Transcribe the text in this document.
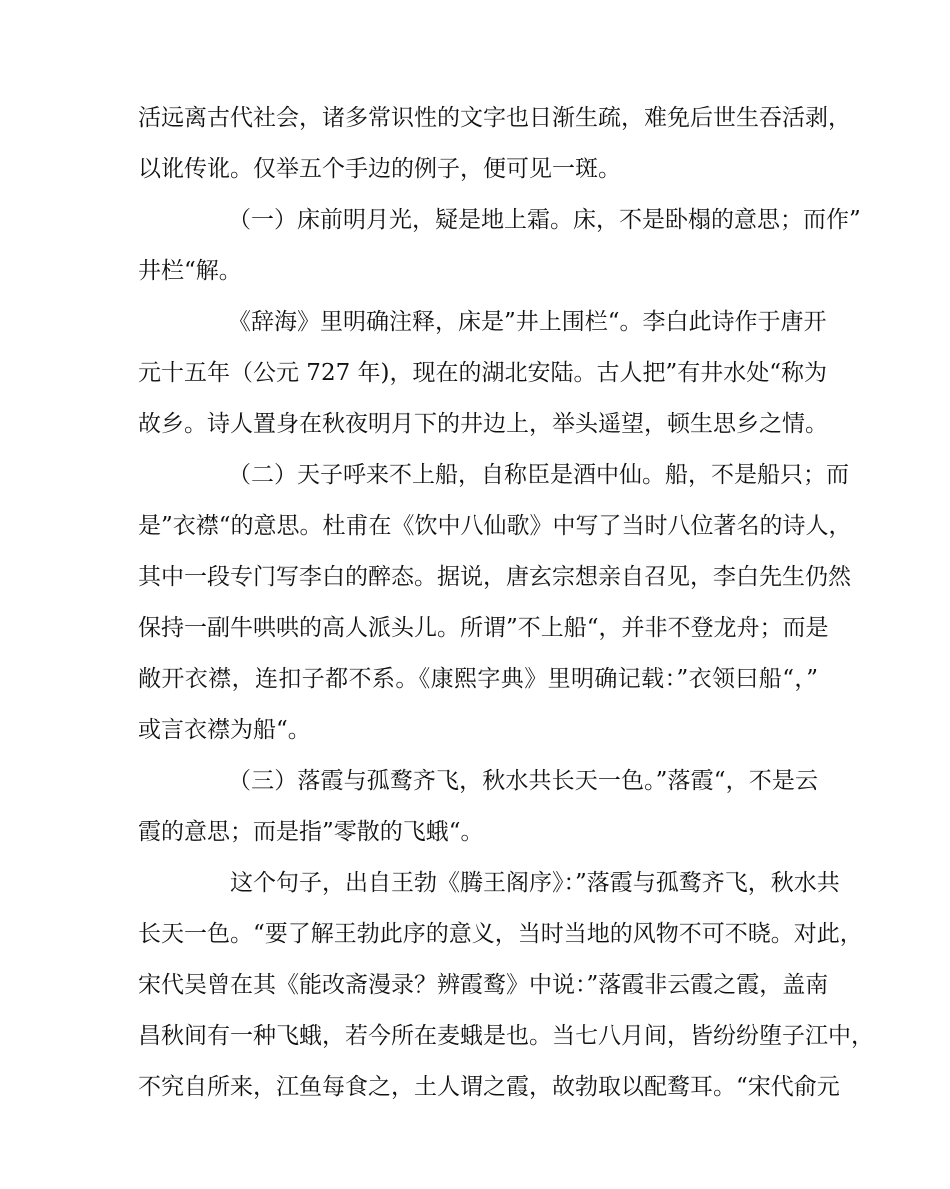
活远离古代社会，诸多常识性的文字也日渐生疏，难免后世生吞活剥，
以讹传讹。仅举五个手边的例子，便可见一斑。
（一）床前明月光，疑是地上霜。床，不是卧榻的意思；而作”
井栏“解。
《辞海》里明确注释，床是”井上围栏“。李白此诗作于唐开
元十五年（公元 727 年)，现在的湖北安陆。古人把”有井水处“称为
故乡。诗人置身在秋夜明月下的井边上，举头遥望，顿生思乡之情。
（二）天子呼来不上船，自称臣是酒中仙。船，不是船只；而
是”衣襟“的意思。杜甫在《饮中八仙歌》中写了当时八位著名的诗人，
其中一段专门写李白的醉态。据说，唐玄宗想亲自召见，李白先生仍然
保持一副牛哄哄的高人派头儿。所谓”不上船“，并非不登龙舟；而是
敞开衣襟，连扣子都不系。《康熙字典》里明确记载：”衣领曰船“，”
或言衣襟为船“。
（三）落霞与孤鹜齐飞，秋水共长天一色。”落霞“，不是云
霞的意思；而是指”零散的飞蛾“。
这个句子，出自王勃《腾王阁序》：”落霞与孤鹜齐飞，秋水共
长天一色。“要了解王勃此序的意义，当时当地的风物不可不晓。对此，
宋代吴曾在其《能改斋漫录？辨霞鹜》中说：”落霞非云霞之霞，盖南
昌秋间有一种飞蛾，若今所在麦蛾是也。当七八月间，皆纷纷堕子江中，
不究自所来，江鱼每食之，土人谓之霞，故勃取以配鹜耳。“宋代俞元
